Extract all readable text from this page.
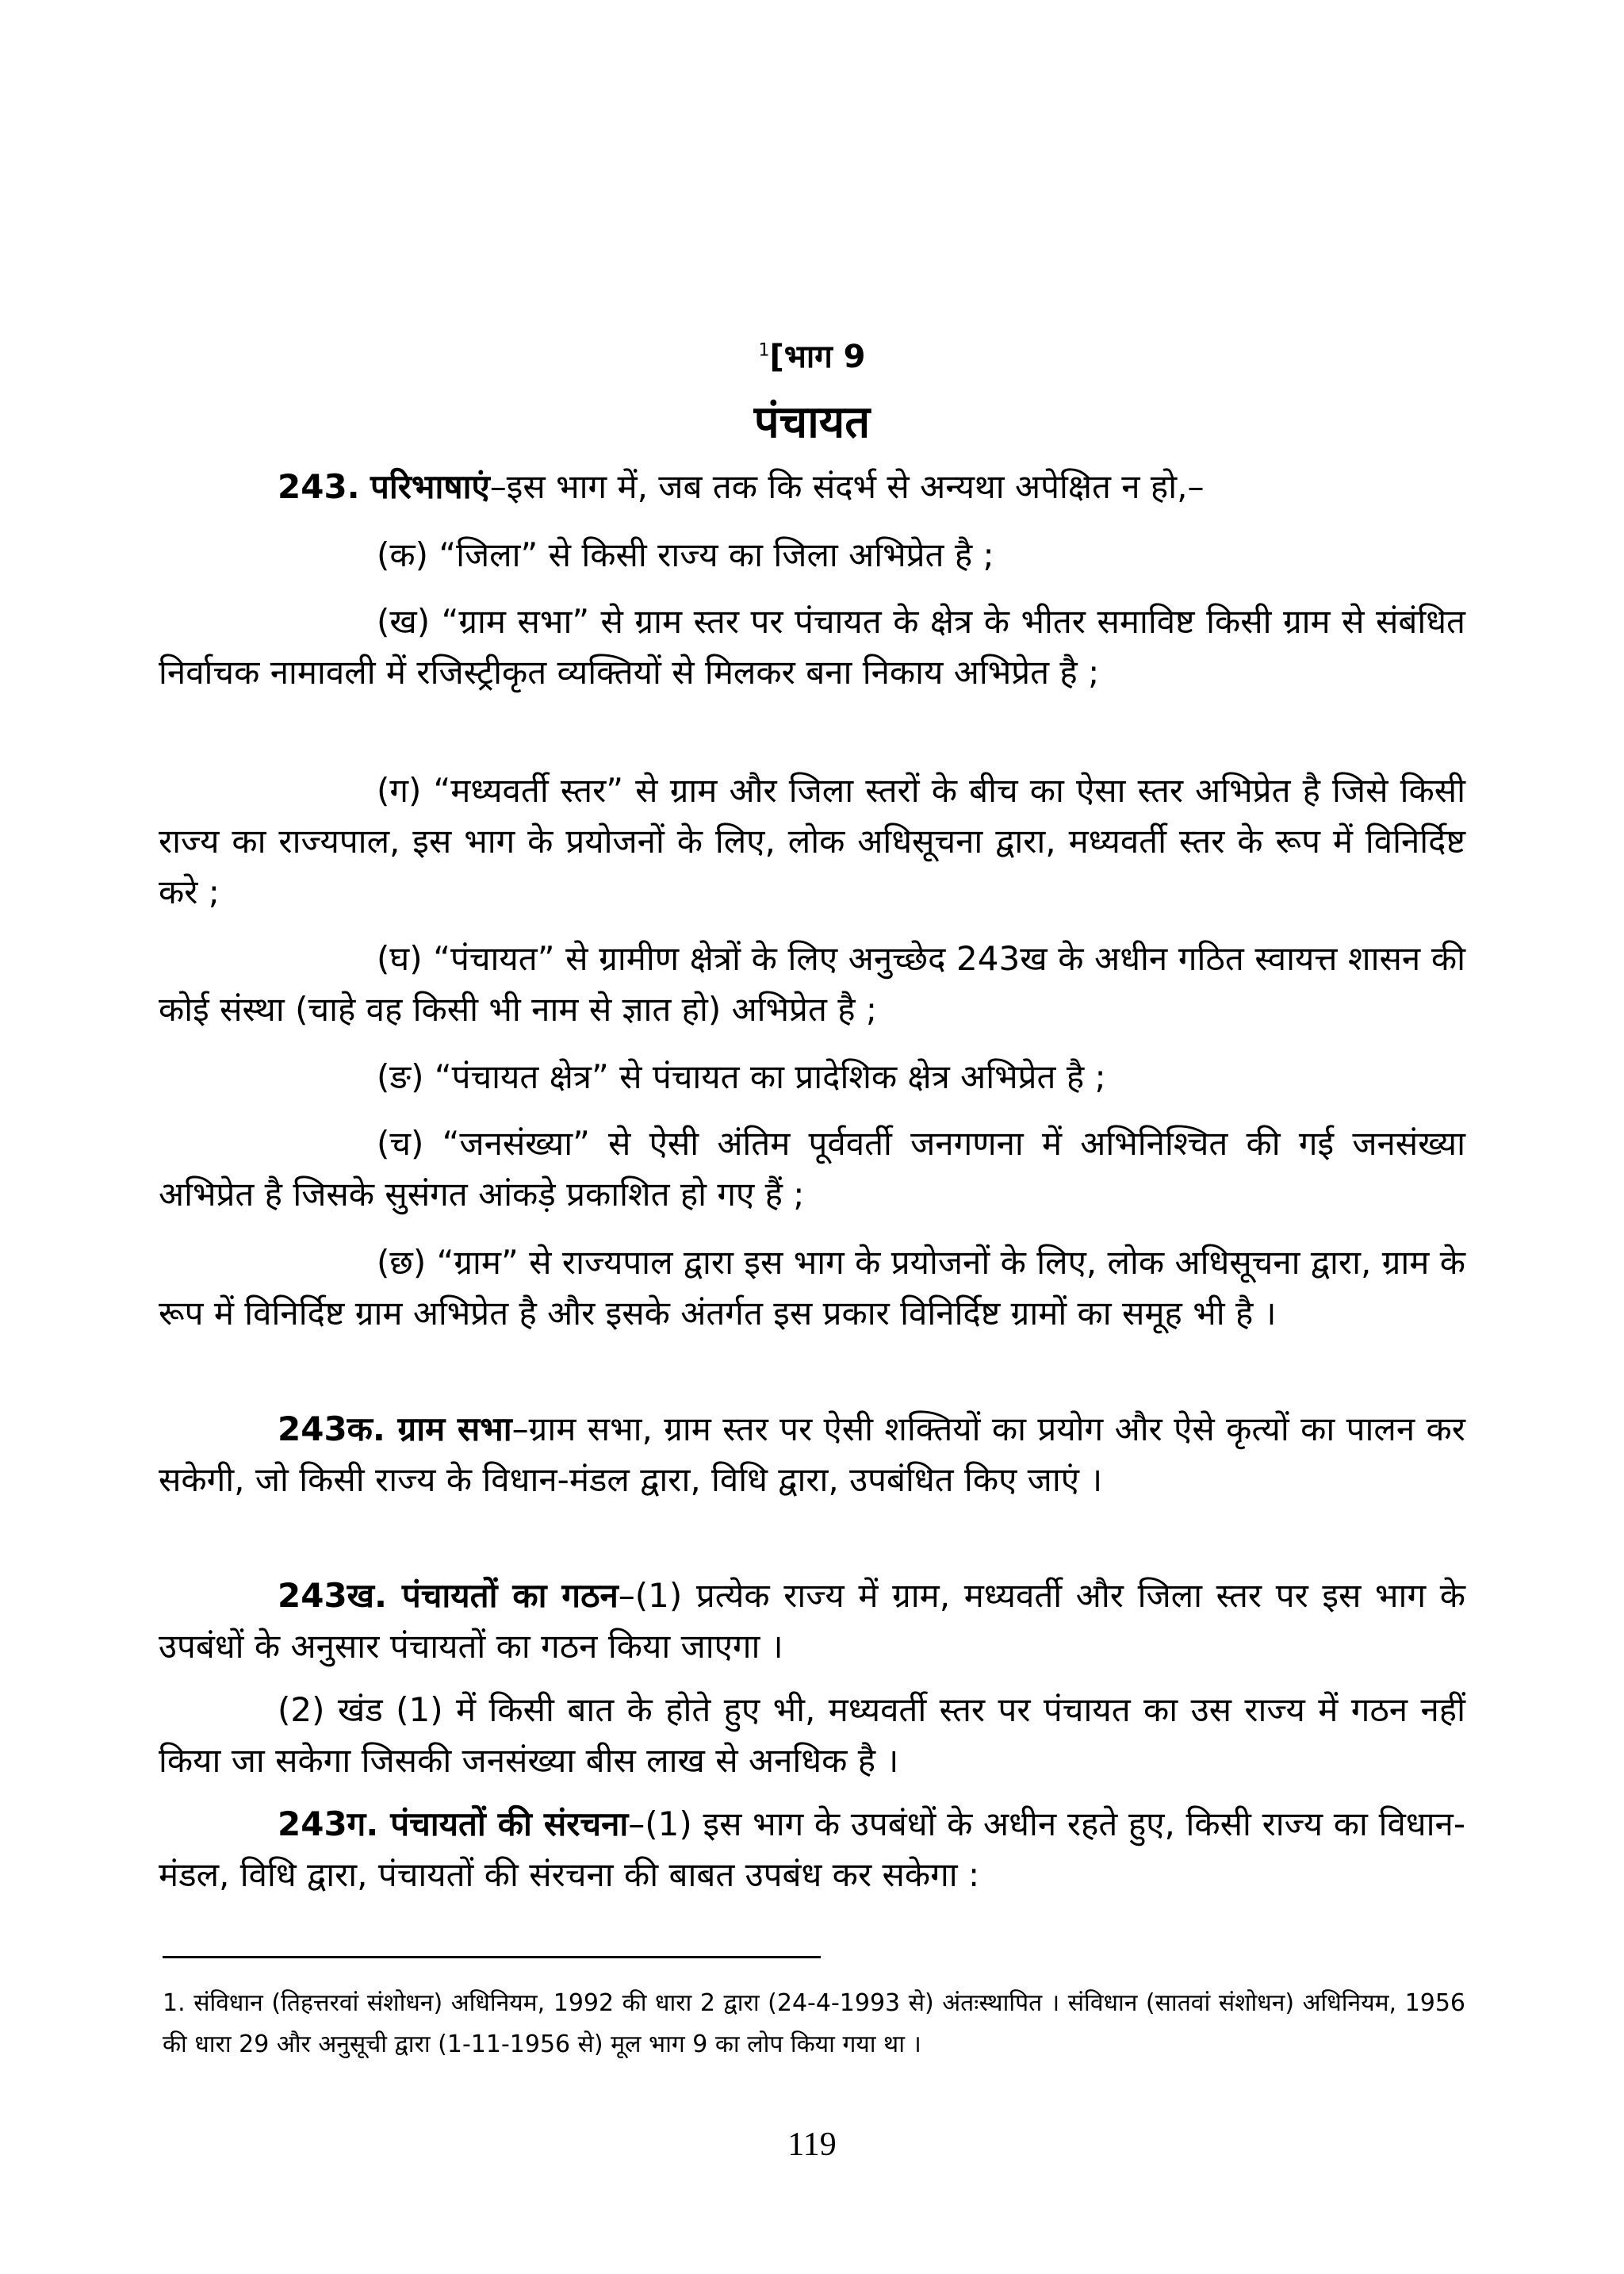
$^1$[भाग 9
पंचायत
243. परिभाषाएं–इस भाग में, जब तक कि संदर्भ से अन्यथा अपेक्षित न हो,–
(क) “जिला” से किसी राज्य का जिला अभिप्रेत है ;
(ख) “ग्राम सभा” से ग्राम स्तर पर पंचायत के क्षेत्र के भीतर समाविष्ट किसी ग्राम से संबंधित निर्वाचक नामावली में रजिस्ट्रीकृत व्यक्तियों से मिलकर बना निकाय अभिप्रेत है ;
(ग) “मध्यवर्ती स्तर” से ग्राम और जिला स्तरों के बीच का ऐसा स्तर अभिप्रेत है जिसे किसी राज्य का राज्यपाल, इस भाग के प्रयोजनों के लिए, लोक अधिसूचना द्वारा, मध्यवर्ती स्तर के रूप में विनिर्दिष्ट करे ;
(घ) “पंचायत” से ग्रामीण क्षेत्रों के लिए अनुच्छेद 243ख के अधीन गठित स्वायत्त शासन की कोई संस्था (चाहे वह किसी भी नाम से ज्ञात हो) अभिप्रेत है ;
(ङ) “पंचायत क्षेत्र” से पंचायत का प्रादेशिक क्षेत्र अभिप्रेत है ;
(च) “जनसंख्या” से ऐसी अंतिम पूर्ववर्ती जनगणना में अभिनिश्चित की गई जनसंख्या अभिप्रेत है जिसके सुसंगत आंकड़े प्रकाशित हो गए हैं ;
(छ) “ग्राम” से राज्यपाल द्वारा इस भाग के प्रयोजनों के लिए, लोक अधिसूचना द्वारा, ग्राम के रूप में विनिर्दिष्ट ग्राम अभिप्रेत है और इसके अंतर्गत इस प्रकार विनिर्दिष्ट ग्रामों का समूह भी है ।
243क. ग्राम सभा–ग्राम सभा, ग्राम स्तर पर ऐसी शक्तियों का प्रयोग और ऐसे कृत्यों का पालन कर सकेगी, जो किसी राज्य के विधान-मंडल द्वारा, विधि द्वारा, उपबंधित किए जाएं ।
243ख. पंचायतों का गठन–(1) प्रत्येक राज्य में ग्राम, मध्यवर्ती और जिला स्तर पर इस भाग के उपबंधों के अनुसार पंचायतों का गठन किया जाएगा ।
(2) खंड (1) में किसी बात के होते हुए भी, मध्यवर्ती स्तर पर पंचायत का उस राज्य में गठन नहीं किया जा सकेगा जिसकी जनसंख्या बीस लाख से अनधिक है ।
243ग. पंचायतों की संरचना–(1) इस भाग के उपबंधों के अधीन रहते हुए, किसी राज्य का विधान-मंडल, विधि द्वारा, पंचायतों की संरचना की बाबत उपबंध कर सकेगा :
1. संविधान (तिहत्तरवां संशोधन) अधिनियम, 1992 की धारा 2 द्वारा (24-4-1993 से) अंतःस्थापित । संविधान (सातवां संशोधन) अधिनियम, 1956 की धारा 29 और अनुसूची द्वारा (1-11-1956 से) मूल भाग 9 का लोप किया गया था ।
119
